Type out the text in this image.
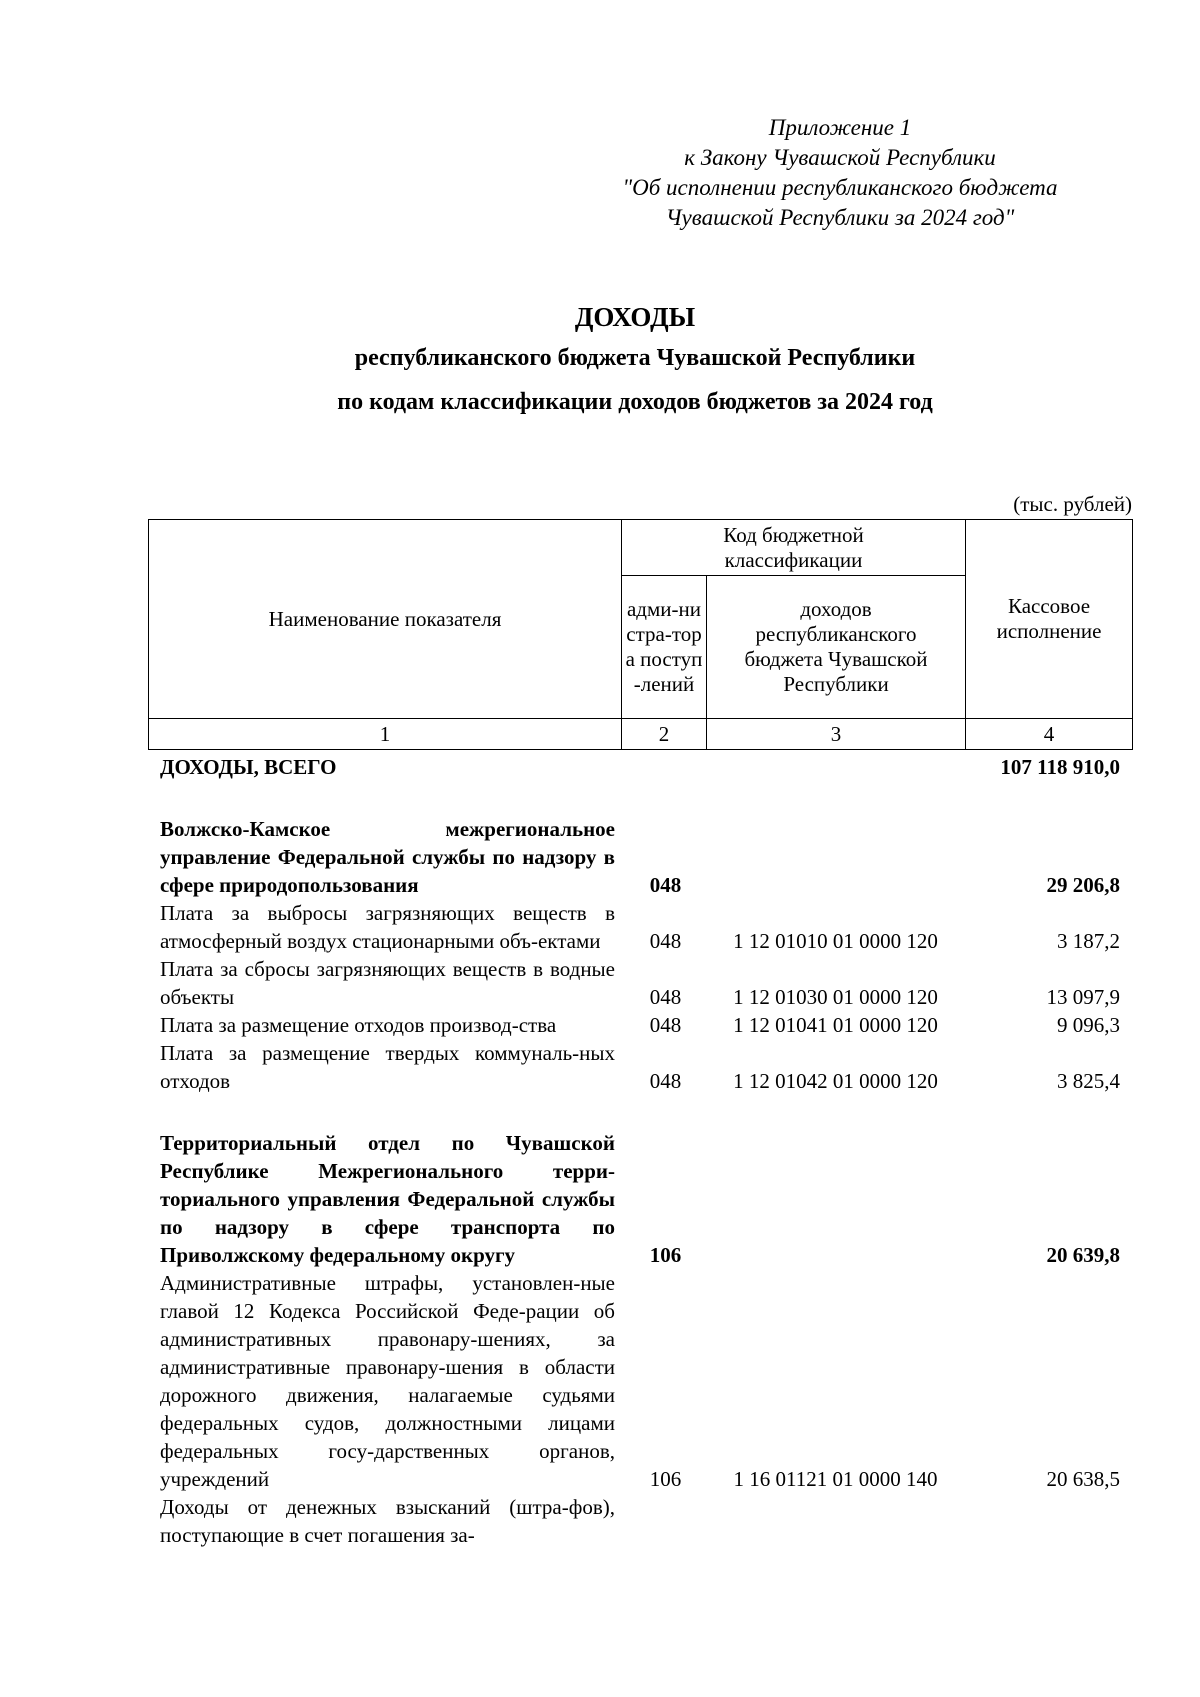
Приложение 1
к Закону Чувашской Республики
"Об исполнении республиканского бюджета
Чувашской Республики за 2024 год"
ДОХОДЫ
республиканского бюджета Чувашской Республики
по кодам классификации доходов бюджетов за 2024 год
(тыс. рублей)
Наименование показателя	Код бюджетной классификации		Кассовое исполнение
	адми-нистра-тора поступ-лений	доходов республиканского бюджета Чувашской Республики	
1	2	3	4
ДОХОДЫ, ВСЕГО			107 118 910,0

Волжско-Камское межрегиональное управление Федеральной службы по надзору в сфере природопользования	048		29 206,8
Плата за выбросы загрязняющих веществ в атмосферный воздух стационарными объ-ектами	048	1 12 01010 01 0000 120	3 187,2
Плата за сбросы загрязняющих веществ в водные объекты	048	1 12 01030 01 0000 120	13 097,9
Плата за размещение отходов производ-ства	048	1 12 01041 01 0000 120	9 096,3
Плата за размещение твердых коммуналь-ных отходов	048	1 12 01042 01 0000 120	3 825,4

Территориальный отдел по Чувашской Республике Межрегионального терри-ториального управления Федеральной службы по надзору в сфере транспорта по Приволжскому федеральному округу	106		20 639,8
Административные штрафы, установлен-ные главой 12 Кодекса Российской Феде-рации об административных правонару-шениях, за административные правонару-шения в области дорожного движения, налагаемые судьями федеральных судов, должностными лицами федеральных госу-дарственных органов, учреждений	106	1 16 01121 01 0000 140	20 638,5
Доходы от денежных взысканий (штра-фов), поступающие в счет погашения за-			
